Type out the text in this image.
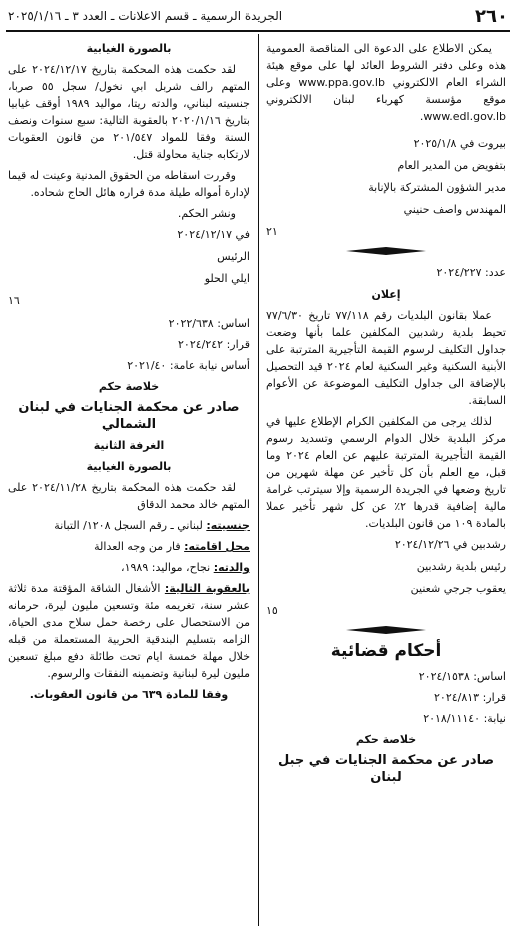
٢٦٠
الجريدة الرسمية ـ قسم الاعلانات ـ العدد ٣ ـ ٢٠٢٥/١/١٦

يمكن الاطلاع على الدعوة الى المناقصة العمومية هذه وعلى دفتر الشروط العائد لها على موقع هيئة الشراء العام الالكتروني www.ppa.gov.lb وعلى موقع مؤسسة كهرباء لبنان الالكتروني www.edl.gov.lb.

بيروت في ٢٠٢٥/١/٨

بتفويض من المدير العام

مدير الشؤون المشتركة بالإنابة

المهندس واصف حنيني

٢١

عدد: ٢٠٢٤/٢٢٧

إعلان

عملا بقانون البلديات رقم ٧٧/١١٨ تاريخ ٧٧/٦/٣٠ تحيط بلدية رشدبين المكلفين علما بأنها وضعت جداول التكليف لرسوم القيمة التأجيرية المترتبة على الأبنية السكنية وغير السكنية لعام ٢٠٢٤ قيد التحصيل بالإضافة الى جداول التكليف الموضوعة عن الأعوام السابقة.

لذلك يرجى من المكلفين الكرام الإطلاع عليها في مركز البلدية خلال الدوام الرسمي وتسديد رسوم القيمة التأجيرية المترتبة عليهم عن العام ٢٠٢٤ وما قبل، مع العلم بأن كل تأخير عن مهلة شهرين من تاريخ وضعها في الجريدة الرسمية وإلا سيترتب غرامة مالية إضافية قدرها ٢٪ عن كل شهر تأخير عملا بالمادة ١٠٩ من قانون البلديات.

رشدبين في ٢٠٢٤/١٢/٢٦

رئيس بلدية رشدبين

يعقوب جرجي شعنين

١٥

أحكام قضائية

اساس: ٢٠٢٤/١٥٣٨

قرار: ٢٠٢٤/٨١٣

نيابة: ٢٠١٨/١١١٤٠

خلاصة حكم

صادر عن محكمة الجنايات في جبل لبنان

بالصورة الغيابية

لقد حكمت هذه المحكمة بتاريخ ٢٠٢٤/١٢/١٧ على المتهم رالف شربل ابي نخول/ سجل ٥٥ صربا، جنسيته لبناني، والدته ريتا، مواليد ١٩٨٩ أوقف غيابيا بتاريخ ٢٠٢٠/١/١٦ بالعقوبة التالية: سبع سنوات ونصف السنة وفقا للمواد ٢٠١/٥٤٧ من قانون العقوبات لارتكابه جناية محاولة قتل.

وقررت اسقاطه من الحقوق المدنية وعينت له قيما لإدارة أمواله طيلة مدة فراره هائل الحاج شحاده.

ونشر الحكم.

في ٢٠٢٤/١٢/١٧

الرئيس

ايلي الحلو

١٦

اساس: ٢٠٢٢/٦٣٨

قرار: ٢٠٢٤/٢٤٢

أساس نيابة عامة: ٢٠٢١/٤٠

خلاصة حكم

صادر عن محكمة الجنايات في لبنان الشمالي

الغرفة الثانية

بالصورة الغيابية

لقد حكمت هذه المحكمة بتاريخ ٢٠٢٤/١١/٢٨ على المتهم خالد محمد الدقاق

جنسيته: لبناني ـ رقم السجل ١٢٠٨/ التبانة

محل اقامته: فار من وجه العدالة

والدته: نجاح، مواليد: ١٩٨٩،

بالعقوبة التالية: الأشغال الشاقة المؤقتة مدة ثلاثة عشر سنة، تغريمه مئة وتسعين مليون ليرة، حرمانه من الاستحصال على رخصة حمل سلاح مدى الحياة، الزامه بتسليم البندقية الحربية المستعملة من قبله خلال مهلة خمسة ايام تحت طائلة دفع مبلغ تسعين مليون ليرة لبنانية وتضمينه النفقات والرسوم.

وفقا للمادة ٦٣٩ من قانون العقوبات.
